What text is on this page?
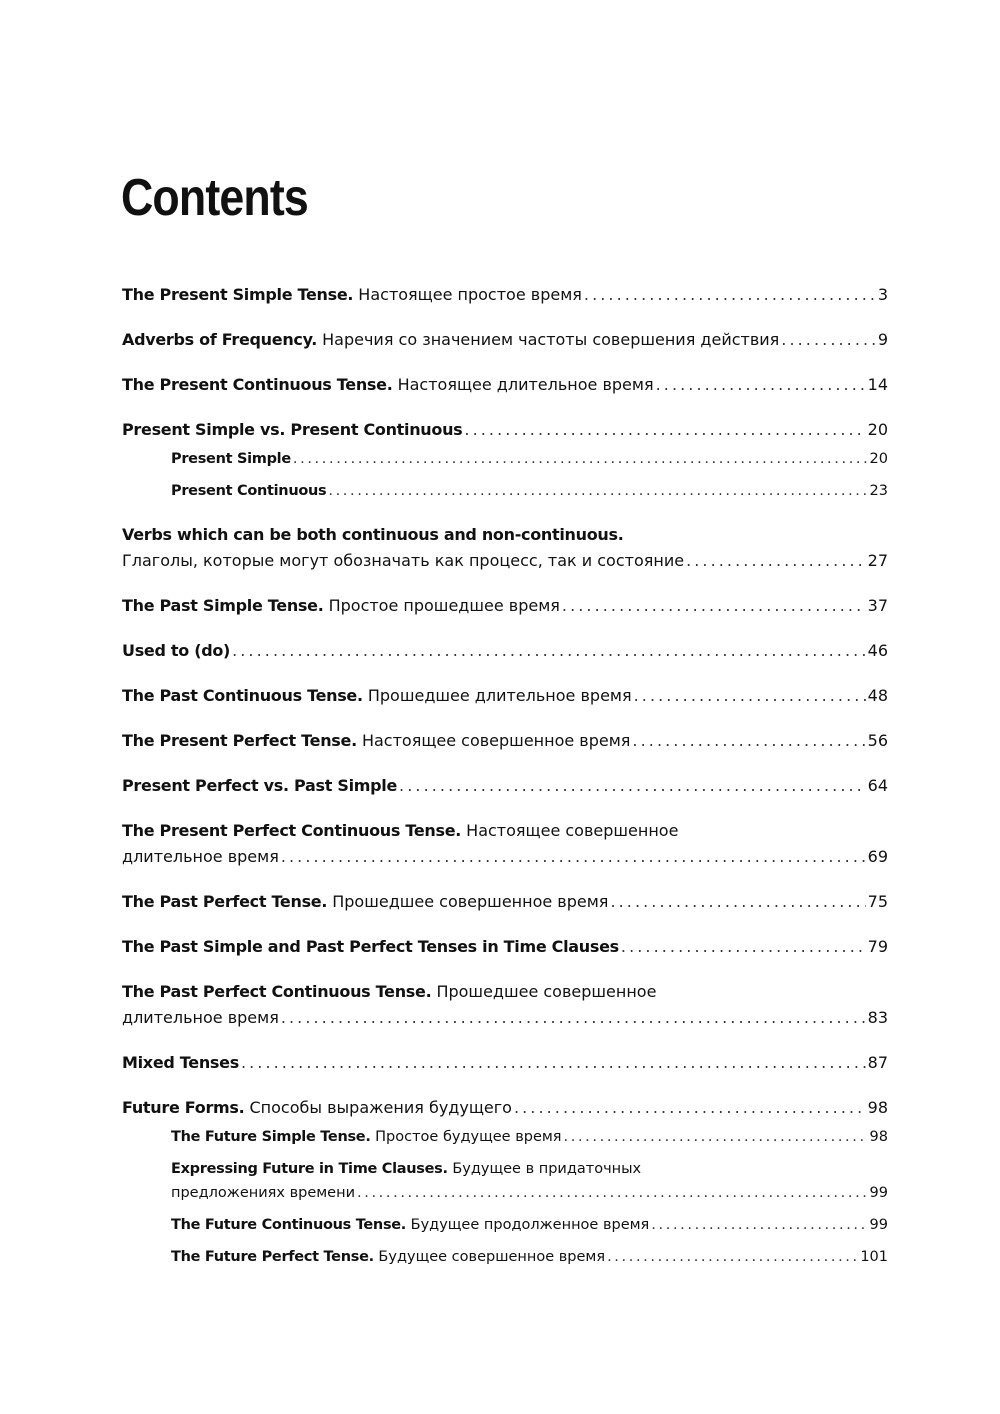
Contents
The Present Simple Tense. Настоящее простое время . . .	3
Adverbs of Frequency. Наречия со значением частоты совершения действия . . .	9
The Present Continuous Tense. Настоящее длительное время . . .	14
Present Simple vs. Present Continuous . . .	20
Present Simple . . .	20
Present Continuous . . .	23
Verbs which can be both continuous and non-continuous.
Глаголы, которые могут обозначать как процесс, так и состояние . . .	27
The Past Simple Tense. Простое прошедшее время . . .	37
Used to (do) . . .	46
The Past Continuous Tense. Прошедшее длительное время . . .	48
The Present Perfect Tense. Настоящее совершенное время . . .	56
Present Perfect vs. Past Simple . . .	64
The Present Perfect Continuous Tense. Настоящее совершенное
длительное время . . .	69
The Past Perfect Tense. Прошедшее совершенное время . . .	75
The Past Simple and Past Perfect Tenses in Time Clauses . . .	79
The Past Perfect Continuous Tense. Прошедшее совершенное
длительное время . . .	83
Mixed Tenses . . .	87
Future Forms. Способы выражения будущего . . .	98
The Future Simple Tense. Простое будущее время . . .	98
Expressing Future in Time Clauses. Будущее в придаточных
предложениях времени . . .	99
The Future Continuous Tense. Будущее продолженное время . . .	99
The Future Perfect Tense. Будущее совершенное время . . .	101
